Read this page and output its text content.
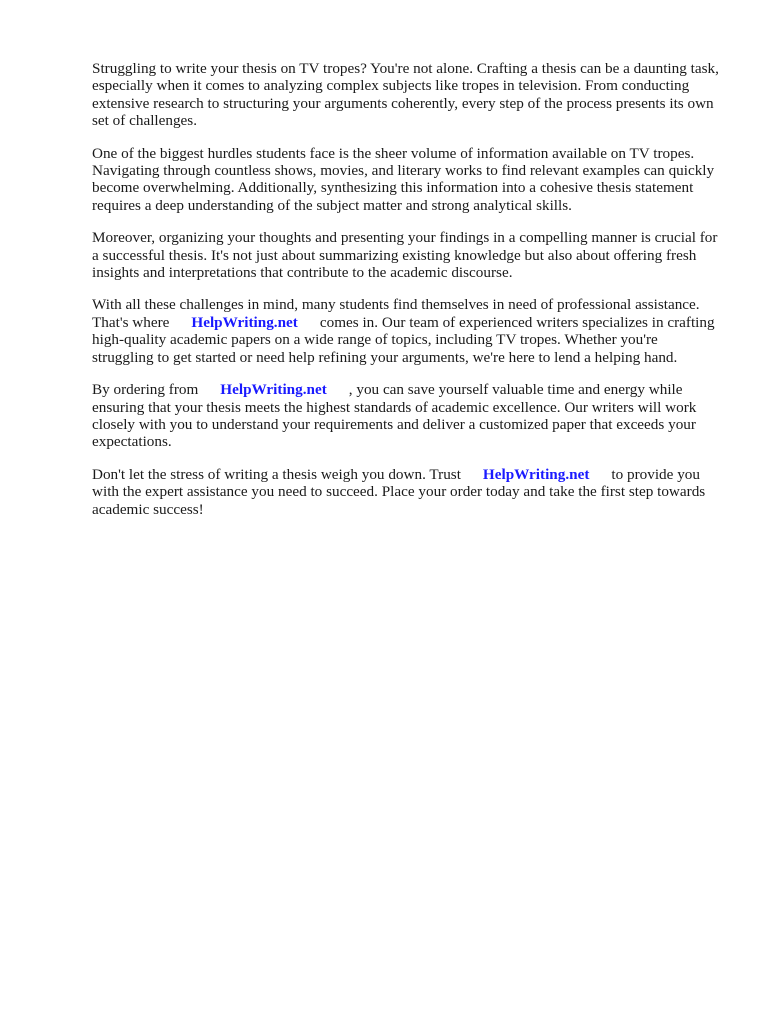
Struggling to write your thesis on TV tropes? You're not alone. Crafting a thesis can be a daunting task, especially when it comes to analyzing complex subjects like tropes in television. From conducting extensive research to structuring your arguments coherently, every step of the process presents its own set of challenges.

One of the biggest hurdles students face is the sheer volume of information available on TV tropes. Navigating through countless shows, movies, and literary works to find relevant examples can quickly become overwhelming. Additionally, synthesizing this information into a cohesive thesis statement requires a deep understanding of the subject matter and strong analytical skills.

Moreover, organizing your thoughts and presenting your findings in a compelling manner is crucial for a successful thesis. It's not just about summarizing existing knowledge but also about offering fresh insights and interpretations that contribute to the academic discourse.

With all these challenges in mind, many students find themselves in need of professional assistance. That's where HelpWriting.net comes in. Our team of experienced writers specializes in crafting high-quality academic papers on a wide range of topics, including TV tropes. Whether you're struggling to get started or need help refining your arguments, we're here to lend a helping hand.

By ordering from HelpWriting.net , you can save yourself valuable time and energy while ensuring that your thesis meets the highest standards of academic excellence. Our writers will work closely with you to understand your requirements and deliver a customized paper that exceeds your expectations.

Don't let the stress of writing a thesis weigh you down. Trust HelpWriting.net to provide you with the expert assistance you need to succeed. Place your order today and take the first step towards academic success!
